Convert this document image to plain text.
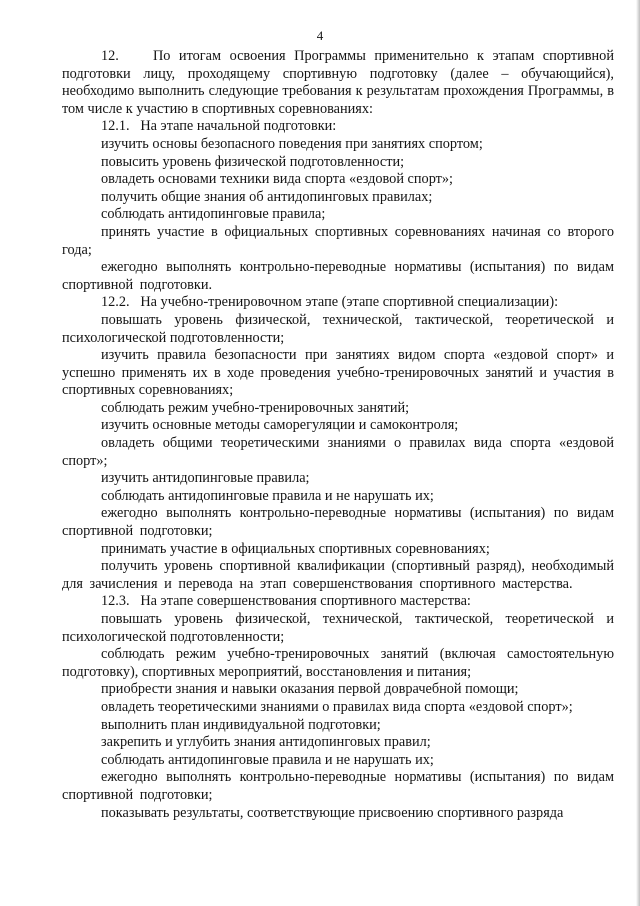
4

12.    По итогам освоения Программы применительно к этапам спортивной подготовки лицу, проходящему спортивную подготовку (далее – обучающийся), необходимо выполнить следующие требования к результатам прохождения Программы, в том числе к участию в спортивных соревнованиях:

12.1.   На этапе начальной подготовки:

изучить основы безопасного поведения при занятиях спортом;

повысить уровень физической подготовленности;

овладеть основами техники вида спорта «ездовой спорт»;

получить общие знания об антидопинговых правилах;

соблюдать антидопинговые правила;

принять участие в официальных спортивных соревнованиях начиная со второго года;

ежегодно выполнять контрольно-переводные нормативы (испытания) по видам спортивной подготовки.

12.2.   На учебно-тренировочном этапе (этапе спортивной специализации):

повышать уровень физической, технической, тактической, теоретической и психологической подготовленности;

изучить правила безопасности при занятиях видом спорта «ездовой спорт» и успешно применять их в ходе проведения учебно-тренировочных занятий и участия в спортивных соревнованиях;

соблюдать режим учебно-тренировочных занятий;

изучить основные методы саморегуляции и самоконтроля;

овладеть общими теоретическими знаниями о правилах вида спорта «ездовой спорт»;

изучить антидопинговые правила;

соблюдать антидопинговые правила и не нарушать их;

ежегодно выполнять контрольно-переводные нормативы (испытания) по видам спортивной подготовки;

принимать участие в официальных спортивных соревнованиях;

получить уровень спортивной квалификации (спортивный разряд), необходимый для зачисления и перевода на этап совершенствования спортивного мастерства.

12.3.   На этапе совершенствования спортивного мастерства:

повышать уровень физической, технической, тактической, теоретической и психологической подготовленности;

соблюдать режим учебно-тренировочных занятий (включая самостоятельную подготовку), спортивных мероприятий, восстановления и питания;

приобрести знания и навыки оказания первой доврачебной помощи;

овладеть теоретическими знаниями о правилах вида спорта «ездовой спорт»;

выполнить план индивидуальной подготовки;

закрепить и углубить знания антидопинговых правил;

соблюдать антидопинговые правила и не нарушать их;

ежегодно выполнять контрольно-переводные нормативы (испытания) по видам спортивной подготовки;

показывать результаты, соответствующие присвоению спортивного разряда
